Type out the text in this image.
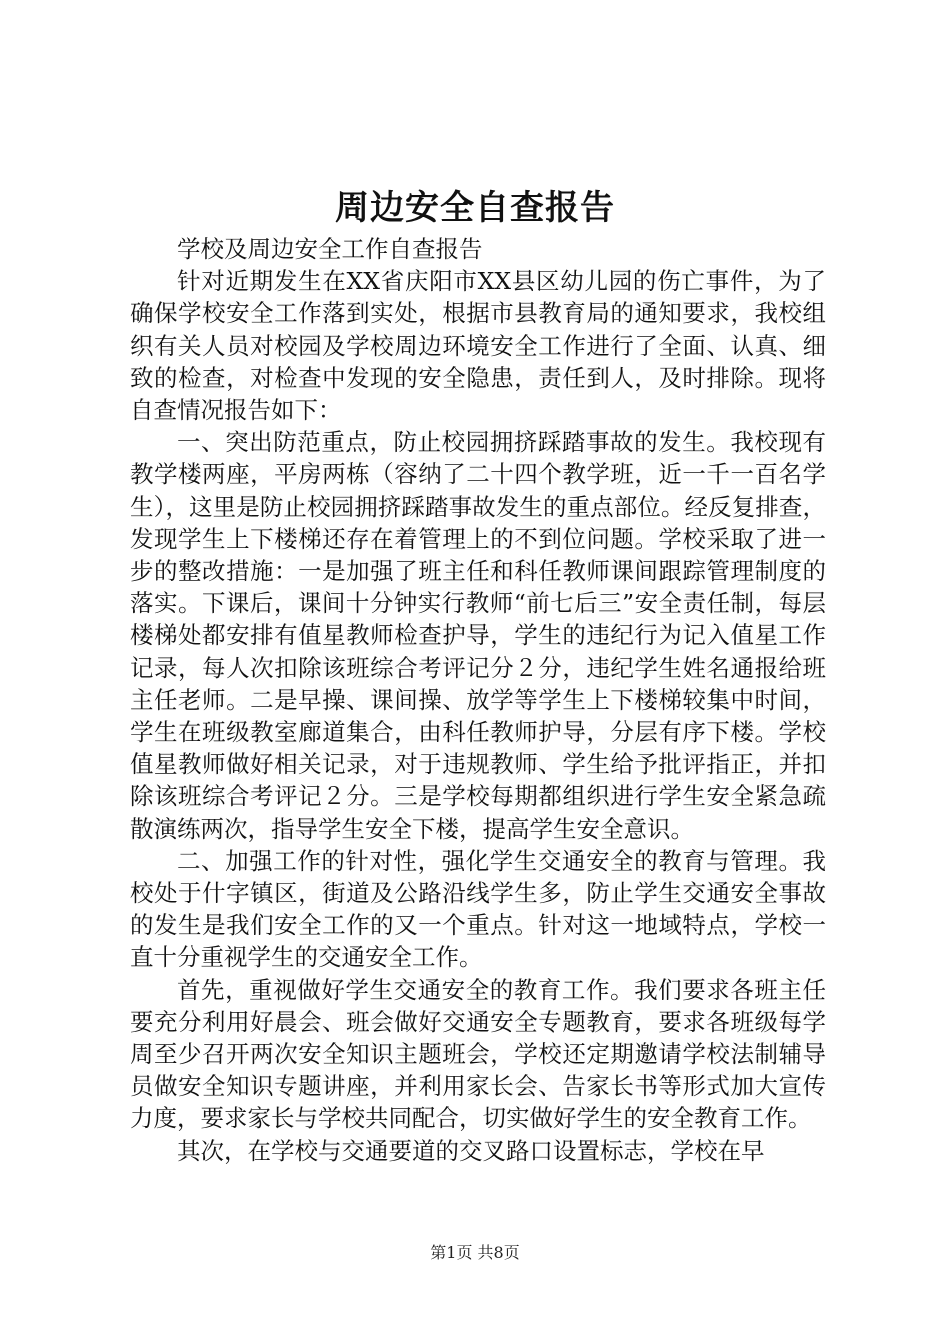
周边安全自查报告

学校及周边安全工作自查报告

针对近期发生在XX省庆阳市XX县区幼儿园的伤亡事件，为了确保学校安全工作落到实处，根据市县教育局的通知要求，我校组织有关人员对校园及学校周边环境安全工作进行了全面、认真、细致的检查，对检查中发现的安全隐患，责任到人，及时排除。现将自查情况报告如下：

一、突出防范重点，防止校园拥挤踩踏事故的发生。我校现有教学楼两座，平房两栋（容纳了二十四个教学班，近一千一百名学生），这里是防止校园拥挤踩踏事故发生的重点部位。经反复排查，发现学生上下楼梯还存在着管理上的不到位问题。学校采取了进一步的整改措施：一是加强了班主任和科任教师课间跟踪管理制度的落实。下课后，课间十分钟实行教师“前七后三”安全责任制，每层楼梯处都安排有值星教师检查护导，学生的违纪行为记入值星工作记录，每人次扣除该班综合考评记分２分，违纪学生姓名通报给班主任老师。二是早操、课间操、放学等学生上下楼梯较集中时间，学生在班级教室廊道集合，由科任教师护导，分层有序下楼。学校值星教师做好相关记录，对于违规教师、学生给予批评指正，并扣除该班综合考评记２分。三是学校每期都组织进行学生安全紧急疏散演练两次，指导学生安全下楼，提高学生安全意识。

二、加强工作的针对性，强化学生交通安全的教育与管理。我校处于什字镇区，街道及公路沿线学生多，防止学生交通安全事故的发生是我们安全工作的又一个重点。针对这一地域特点，学校一直十分重视学生的交通安全工作。

首先，重视做好学生交通安全的教育工作。我们要求各班主任要充分利用好晨会、班会做好交通安全专题教育，要求各班级每学周至少召开两次安全知识主题班会，学校还定期邀请学校法制辅导员做安全知识专题讲座，并利用家长会、告家长书等形式加大宣传力度，要求家长与学校共同配合，切实做好学生的安全教育工作。

其次，在学校与交通要道的交叉路口设置标志，学校在早

第1页 共8页
